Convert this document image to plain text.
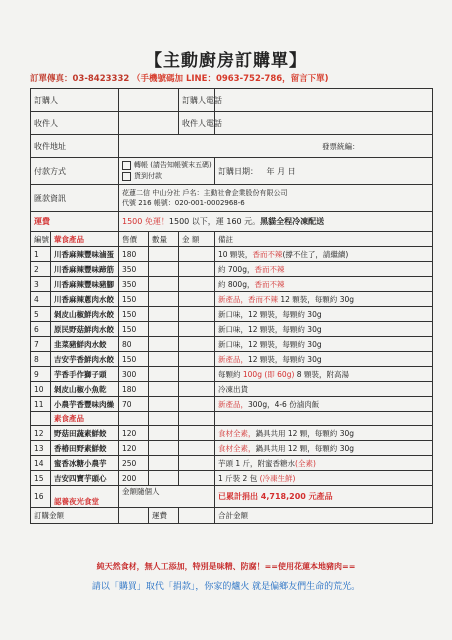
【主動廚房訂購單】
訂單傳真：03-8423332 （手機號碼加 LINE：0963-752-786，留言下單)
訂購人				訂購人電話	
收件人				收件人電話	
收件地址		發票統編：			
付款方式		轉帳 (請告知帳號末五碼)
貨到付款			訂購日期： 年 月 日
匯款資訊		花蓮二信 中山分社 戶名：主動社會企業股份有限公司
代號 216 帳號：020-001-0002968-6			

運費		1500 免運！1500 以下，運 160 元。黑貓全程冷凍配送			
編號	葷食產品	售價	數量	金 額	備註
1	川香麻辣豐味滷蛋	180			10 顆裝，香而不辣(撐不住了，請繼續)
2	川香麻辣豐味蹄筋	350			約 700g，香而不辣
3	川香麻辣豐味豬腳	350			約 800g，香而不辣
4	川香麻辣蔥肉水餃	150			新產品，香而不辣 12 顆裝，每顆約 30g
5	剝皮山椒鮮肉水餃	150			新口味，12 顆裝，每顆約 30g
6	原民野菇鮮肉水餃	150			新口味，12 顆裝，每顆約 30g
7	韭菜豬鮮肉水餃	80			新口味，12 顆裝，每顆約 30g
8	吉安芋香鮮肉水餃	150			新產品，12 顆裝，每顆約 30g
9	芋香手作獅子頭	300			每顆約 100g (即 60g) 8 顆裝，附高湯
10	剝皮山椒小魚乾	180			冷凍出貨
11	小農芋香豐味肉燥	70			新產品，300g，4-6 份滷肉飯
	素食產品				
12	野菇田蔬素鮮餃	120			食材全素，鍋具共用 12 顆，每顆約 30g
13	香椿田野素鮮餃	120			食材全素，鍋具共用 12 顆，每顆約 30g
14	蜜香冰糖小農芋	250			芋頭 1 斤，附蜜香糖水(全素)
15	吉安四寶芋頭心	200			1 斤裝 2 包 (冷凍生鮮)
16	認養夜光食堂	金額隨個人			已累計捐出 4,718,200 元產品
訂購金額			運費		合計金額
純天然食材，無人工添加，特別是味精、防腐！==使用花蓮本地豬肉==
請以「購買」取代「捐款」，你家的爐火 就是偏鄉友們生命的荒光。
